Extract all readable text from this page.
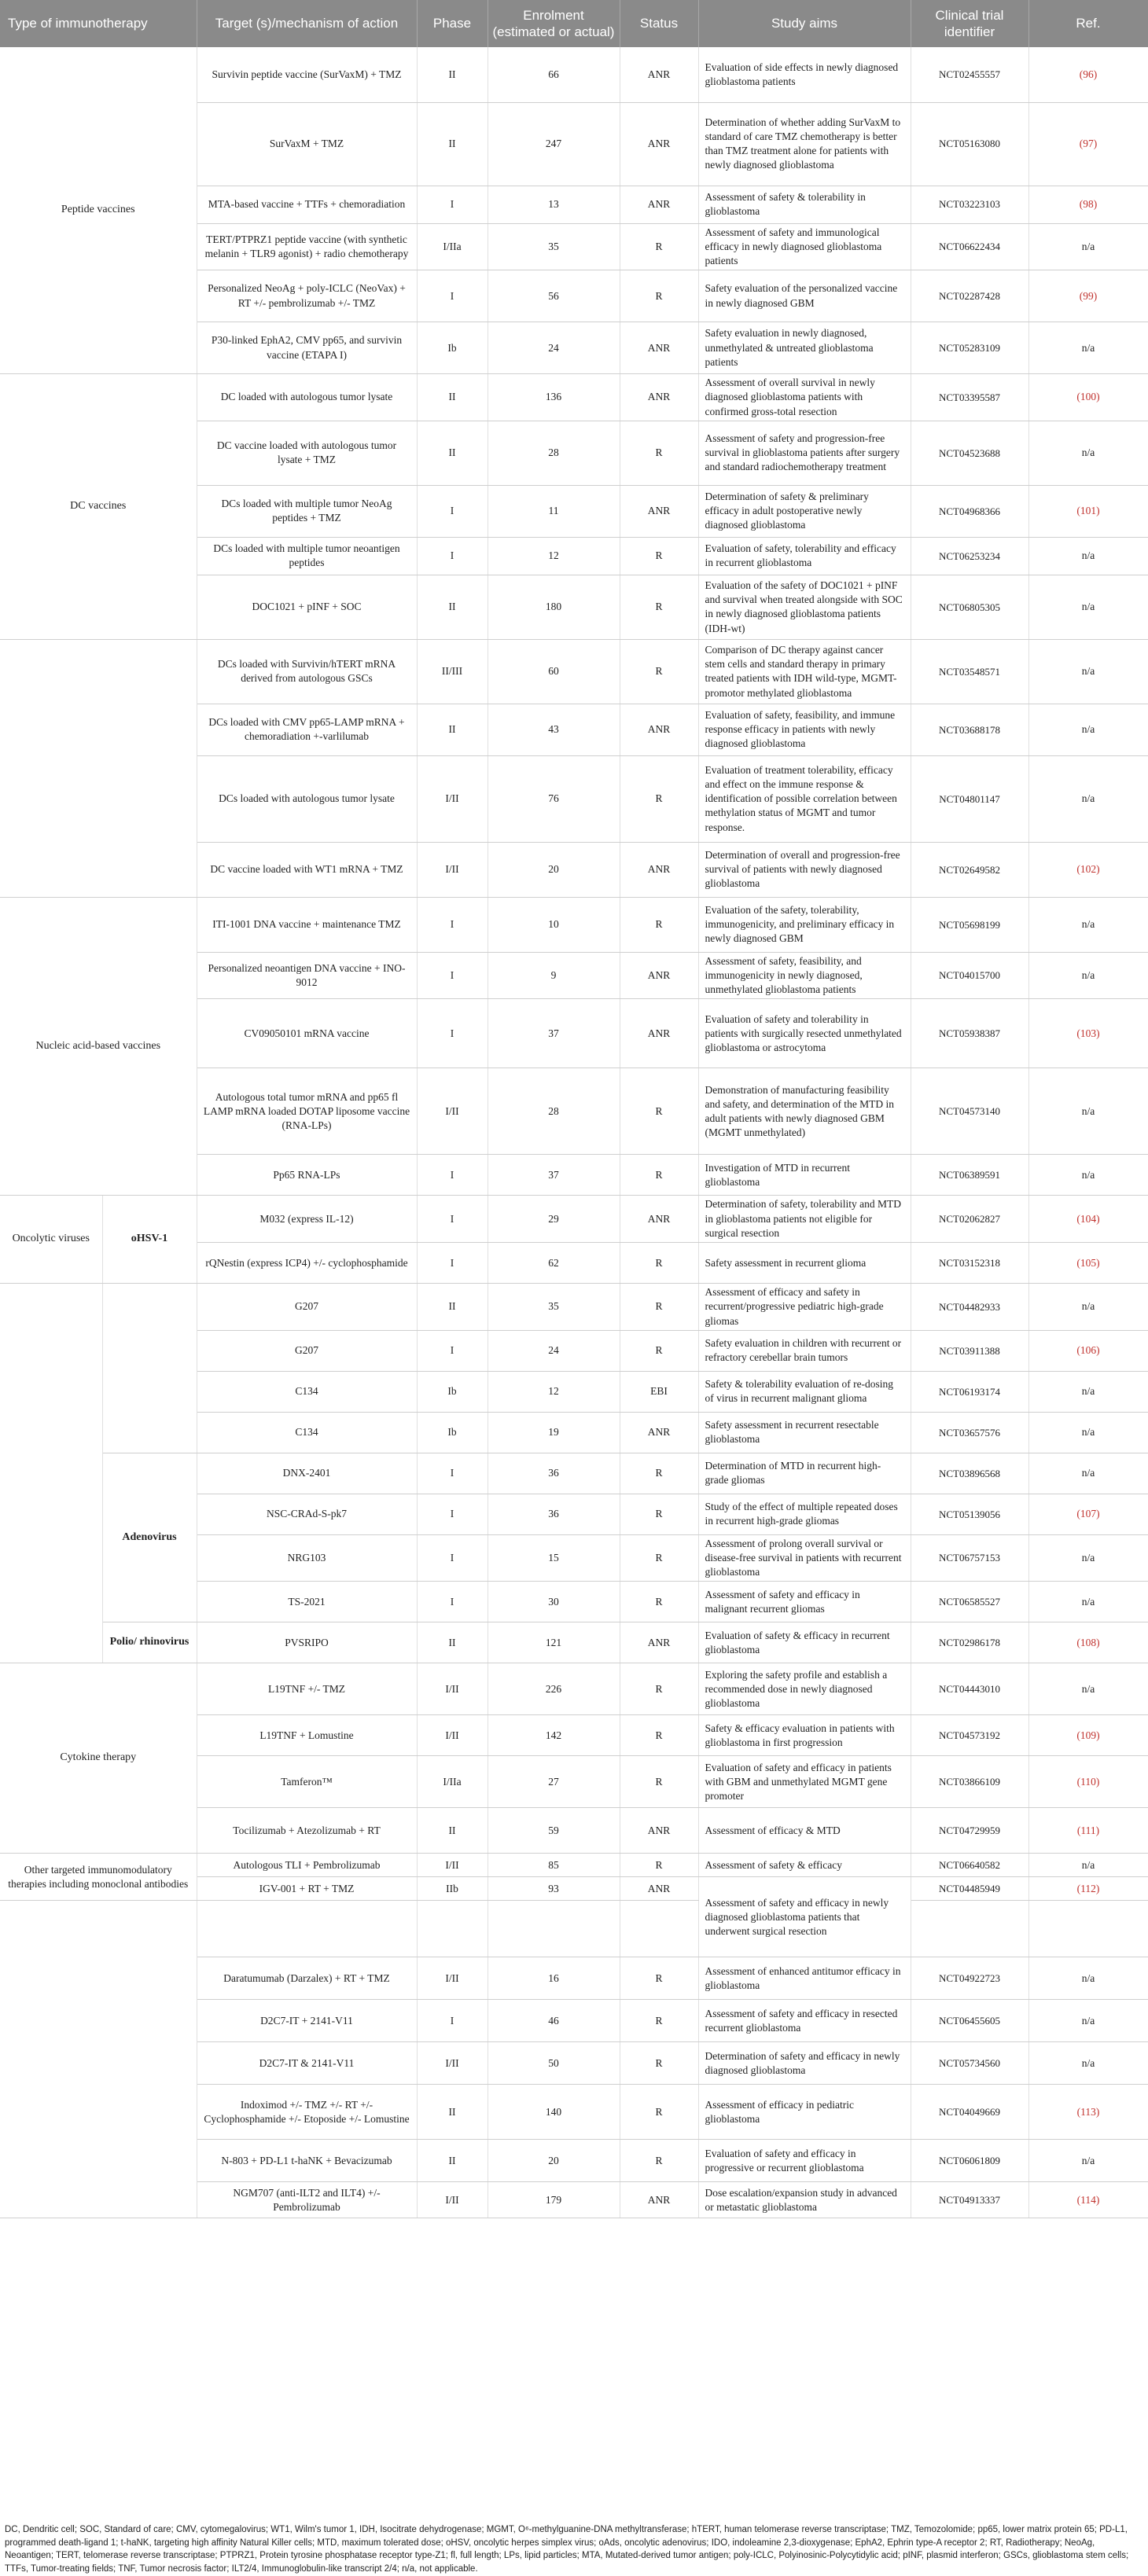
Type of immunotherapy		Target (s)/mechanism of action	Phase	Enrolment (estimated or actual)	Status	Study aims	Clinical trial identifier	Ref.
Peptide vaccines		Survivin peptide vaccine (SurVaxM) + TMZ	II	66	ANR	Evaluation of side effects in newly diagnosed glioblastoma patients	NCT02455557	(96)
		SurVaxM + TMZ	II	247	ANR	Determination of whether adding SurVaxM to standard of care TMZ chemotherapy is better than TMZ treatment alone for patients with newly diagnosed glioblastoma	NCT05163080	(97)
		MTA-based vaccine + TTFs + chemoradiation	I	13	ANR	Assessment of safety & tolerability in glioblastoma	NCT03223103	(98)
		TERT/PTPRZ1 peptide vaccine (with synthetic melanin + TLR9 agonist) + radio chemotherapy	I/IIa	35	R	Assessment of safety and immunological efficacy in newly diagnosed glioblastoma patients	NCT06622434	n/a
		Personalized NeoAg + poly-ICLC (NeoVax) + RT +/- pembrolizumab +/- TMZ	I	56	R	Safety evaluation of the personalized vaccine in newly diagnosed GBM	NCT02287428	(99)
		P30-linked EphA2, CMV pp65, and survivin vaccine (ETAPA I)	Ib	24	ANR	Safety evaluation in newly diagnosed, unmethylated & untreated glioblastoma patients	NCT05283109	n/a
DC vaccines		DC loaded with autologous tumor lysate	II	136	ANR	Assessment of overall survival in newly diagnosed glioblastoma patients with confirmed gross-total resection	NCT03395587	(100)
		DC vaccine loaded with autologous tumor lysate + TMZ	II	28	R	Assessment of safety and progression-free survival in glioblastoma patients after surgery and standard radiochemotherapy treatment	NCT04523688	n/a
		DCs loaded with multiple tumor NeoAg peptides + TMZ	I	11	ANR	Determination of safety & preliminary efficacy in adult postoperative newly diagnosed glioblastoma	NCT04968366	(101)
		DCs loaded with multiple tumor neoantigen peptides	I	12	R	Evaluation of safety, tolerability and efficacy in recurrent glioblastoma	NCT06253234	n/a
		DOC1021 + pINF + SOC	II	180	R	Evaluation of the safety of DOC1021 + pINF and survival when treated alongside with SOC in newly diagnosed glioblastoma patients (IDH-wt)	NCT06805305	n/a
		DCs loaded with Survivin/hTERT mRNA derived from autologous GSCs	II/III	60	R	Comparison of DC therapy against cancer stem cells and standard therapy in primary treated patients with IDH wild-type, MGMT-promotor methylated glioblastoma	NCT03548571	n/a
		DCs loaded with CMV pp65-LAMP mRNA + chemoradiation +-varlilumab	II	43	ANR	Evaluation of safety, feasibility, and immune response efficacy in patients with newly diagnosed glioblastoma	NCT03688178	n/a
		DCs loaded with autologous tumor lysate	I/II	76	R	Evaluation of treatment tolerability, efficacy and effect on the immune response & identification of possible correlation between methylation status of MGMT and tumor response.	NCT04801147	n/a
		DC vaccine loaded with WT1 mRNA + TMZ	I/II	20	ANR	Determination of overall and progression-free survival of patients with newly diagnosed glioblastoma	NCT02649582	(102)
Nucleic acid-based vaccines		ITI-1001 DNA vaccine + maintenance TMZ	I	10	R	Evaluation of the safety, tolerability, immunogenicity, and preliminary efficacy in newly diagnosed GBM	NCT05698199	n/a
		Personalized neoantigen DNA vaccine + INO-9012	I	9	ANR	Assessment of safety, feasibility, and immunogenicity in newly diagnosed, unmethylated glioblastoma patients	NCT04015700	n/a
		CV09050101 mRNA vaccine	I	37	ANR	Evaluation of safety and tolerability in patients with surgically resected unmethylated glioblastoma or astrocytoma	NCT05938387	(103)
		Autologous total tumor mRNA and pp65 fl LAMP mRNA loaded DOTAP liposome vaccine (RNA-LPs)	I/II	28	R	Demonstration of manufacturing feasibility and safety, and determination of the MTD in adult patients with newly diagnosed GBM (MGMT unmethylated)	NCT04573140	n/a
		Pp65 RNA-LPs	I	37	R	Investigation of MTD in recurrent glioblastoma	NCT06389591	n/a
Oncolytic viruses	oHSV-1	M032 (express IL-12)	I	29	ANR	Determination of safety, tolerability and MTD in glioblastoma patients not eligible for surgical resection	NCT02062827	(104)
		rQNestin (express ICP4) +/- cyclophosphamide	I	62	R	Safety assessment in recurrent glioma	NCT03152318	(105)
		G207	II	35	R	Assessment of efficacy and safety in recurrent/progressive pediatric high-grade gliomas	NCT04482933	n/a
		G207	I	24	R	Safety evaluation in children with recurrent or refractory cerebellar brain tumors	NCT03911388	(106)
		C134	Ib	12	EBI	Safety & tolerability evaluation of re-dosing of virus in recurrent malignant glioma	NCT06193174	n/a
		C134	Ib	19	ANR	Safety assessment in recurrent resectable glioblastoma	NCT03657576	n/a
	Adenovirus	DNX-2401	I	36	R	Determination of MTD in recurrent high-grade gliomas	NCT03896568	n/a
		NSC-CRAd-S-pk7	I	36	R	Study of the effect of multiple repeated doses in recurrent high-grade gliomas	NCT05139056	(107)
		NRG103	I	15	R	Assessment of prolong overall survival or disease-free survival in patients with recurrent glioblastoma	NCT06757153	n/a
		TS-2021	I	30	R	Assessment of safety and efficacy in malignant recurrent gliomas	NCT06585527	n/a
	Polio/ rhinovirus	PVSRIPO	II	121	ANR	Evaluation of safety & efficacy in recurrent glioblastoma	NCT02986178	(108)
Cytokine therapy		L19TNF +/- TMZ	I/II	226	R	Exploring the safety profile and establish a recommended dose in newly diagnosed glioblastoma	NCT04443010	n/a
		L19TNF + Lomustine	I/II	142	R	Safety & efficacy evaluation in patients with glioblastoma in first progression	NCT04573192	(109)
		Tamferon™	I/IIa	27	R	Evaluation of safety and efficacy in patients with GBM and unmethylated MGMT gene promoter	NCT03866109	(110)
		Tocilizumab + Atezolizumab + RT	II	59	ANR	Assessment of efficacy & MTD	NCT04729959	(111)
Other targeted immunomodulatory therapies including monoclonal antibodies		Autologous TLI + Pembrolizumab	I/II	85	R	Assessment of safety & efficacy	NCT06640582	n/a
		IGV-001 + RT + TMZ	IIb	93	ANR	Assessment of safety and efficacy in newly diagnosed glioblastoma patients that underwent surgical resection	NCT04485949	(112)

		Daratumumab (Darzalex) + RT + TMZ	I/II	16	R	Assessment of enhanced antitumor efficacy in glioblastoma	NCT04922723	n/a
		D2C7-IT + 2141-V11	I	46	R	Assessment of safety and efficacy in resected recurrent glioblastoma	NCT06455605	n/a
		D2C7-IT & 2141-V11	I/II	50	R	Determination of safety and efficacy in newly diagnosed glioblastoma	NCT05734560	n/a
		Indoximod +/- TMZ +/- RT +/- Cyclophosphamide +/- Etoposide +/- Lomustine	II	140	R	Assessment of efficacy in pediatric glioblastoma	NCT04049669	(113)
		N-803 + PD-L1 t-haNK + Bevacizumab	II	20	R	Evaluation of safety and efficacy in progressive or recurrent glioblastoma	NCT06061809	n/a
		NGM707 (anti-ILT2 and ILT4) +/- Pembrolizumab	I/II	179	ANR	Dose escalation/expansion study in advanced or metastatic glioblastoma	NCT04913337	(114)
DC, Dendritic cell; SOC, Standard of care; CMV, cytomegalovirus; WT1, Wilm's tumor 1, IDH, Isocitrate dehydrogenase; MGMT, O⁶-methylguanine-DNA methyltransferase; hTERT, human telomerase reverse transcriptase; TMZ, Temozolomide; pp65, lower matrix protein 65; PD-L1, programmed death-ligand 1; t-haNK, targeting high affinity Natural Killer cells; MTD, maximum tolerated dose; oHSV, oncolytic herpes simplex virus; oAds, oncolytic adenovirus; IDO, indoleamine 2,3-dioxygenase; EphA2, Ephrin type-A receptor 2; RT, Radiotherapy; NeoAg, Neoantigen; TERT, telomerase reverse transcriptase; PTPRZ1, Protein tyrosine phosphatase receptor type-Z1; fl, full length; LPs, lipid particles; MTA, Mutated-derived tumor antigen; poly-ICLC, Polyinosinic-Polycytidylic acid; pINF, plasmid interferon; GSCs, glioblastoma stem cells; TTFs, Tumor-treating fields; TNF, Tumor necrosis factor; ILT2/4, Immunoglobulin-like transcript 2/4; n/a, not applicable.
